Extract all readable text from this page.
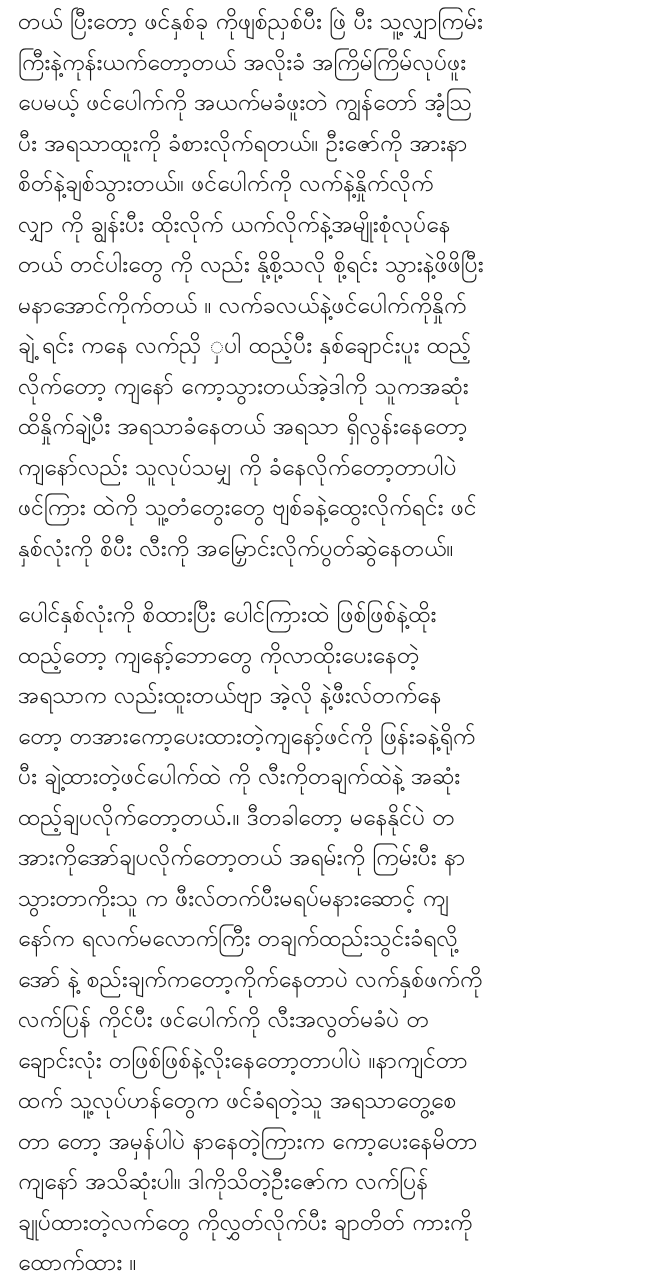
တယ် ပြီးတော့ ဖင်နှစ်ခု ကိုဖျစ်ညှစ်ပီး ဖြဲ ပီး သူ့လျှာကြမ်း
ကြီးနဲ့ကုန်းယက်တော့တယ် အလိုးခံ အကြိမ်ကြိမ်လုပ်ဖူး
ပေမယ့် ဖင်ပေါက်ကို အယက်မခံဖူးတဲ ကျွန်တော် အံ့သြ
ပီး အရသာထူးကို ခံစားလိုက်ရတယ်။ ဦးဇော်ကို အားနာ
စိတ်နဲ့ချစ်သွားတယ်။ ဖင်ပေါက်ကို လက်နဲ့နှိုက်လိုက်
လျှာ ကို ချွန်းပီး ထိုးလိုက် ယက်လိုက်နဲ့အမျိုးစုံလုပ်နေ
တယ် တင်ပါးတွေ ကို လည်း နို့စို့သလို စို့ရင်း သွားနဲ့ဖိဖိပြီး
မနာအောင်ကိုက်တယ် ။ လက်ခလယ်နဲ့ဖင်ပေါက်ကိုနှိုက်
ချဲ့ ရင်း ကနေ လက်ညှိ ှပါ ထည့်ပီး နှစ်ချောင်းပူး ထည့်
လိုက်တော့ ကျနော် ကော့သွားတယ်အဲ့ဒါကို သူကအဆုံး
ထိနှိုက်ချဲ့ပီး အရသာခံနေတယ် အရသာ ရှိလွန်းနေတော့
ကျနော်လည်း သူလုပ်သမျှ ကို ခံနေလိုက်တော့တာပါပဲ
ဖင်ကြား ထဲကို သူ့တံတွေးတွေ ဗျစ်ခနဲ့ထွေးလိုက်ရင်း ဖင်
နှစ်လုံးကို စိပီး လီးကို အမြှောင်းလိုက်ပွတ်ဆွဲနေတယ်။

ပေါင်နှစ်လုံးကို စိထားပြီး ပေါင်ကြားထဲ ဖြစ်ဖြစ်နဲ့ထိုး
ထည့်တော့ ကျနော့်ဘောတွေ ကိုလာထိုးပေးနေတဲ့
အရသာက လည်းထူးတယ်ဗျာ အဲ့လို နဲ့ဖီးလ်တက်နေ
တော့ တအားကော့ပေးထားတဲ့ကျနော့်ဖင်ကို ဖြန်းခနဲ့ရိုက်
ပီး ချဲ့ထားတဲ့ဖင်ပေါက်ထဲ ကို လီးကိုတချက်ထဲနဲ့ အဆုံး
ထည့်ချပလိုက်တော့တယ်.။ ဒီတခါတော့ မနေနိုင်ပဲ တ
အားကိုအော်ချပလိုက်တော့တယ် အရမ်းကို ကြမ်းပီး နာ
သွားတာကိုးသူ က ဖီးလ်တက်ပီးမရပ်မနားဆောင့် ကျ
နော်က ရလက်မလောက်ကြီး တချက်ထည်းသွင်းခံရလို့
အော် နဲ့ စည်းချက်ကတော့ကိုက်နေတာပဲ လက်နှစ်ဖက်ကို
လက်ပြန် ကိုင်ပီး ဖင်ပေါက်ကို လီးအလွတ်မခံပဲ တ
ချောင်းလုံး တဖြစ်ဖြစ်နဲ့လိုးနေတော့တာပါပဲ ။နာကျင်တာ
ထက် သူ့လုပ်ဟန်တွေက ဖင်ခံရတဲ့သူ အရသာတွေ့စေ
တာ တော့ အမှန်ပါပဲ နာနေတဲ့ကြားက ကော့ပေးနေမိတာ
ကျနော် အသိဆုံးပါ။ ဒါကိုသိတဲ့ဦးဇော်က လက်ပြန်
ချုပ်ထားတဲ့လက်တွေ ကိုလွှတ်လိုက်ပီး ချာတိတ် ကားကို
ထောက်ထား ။
